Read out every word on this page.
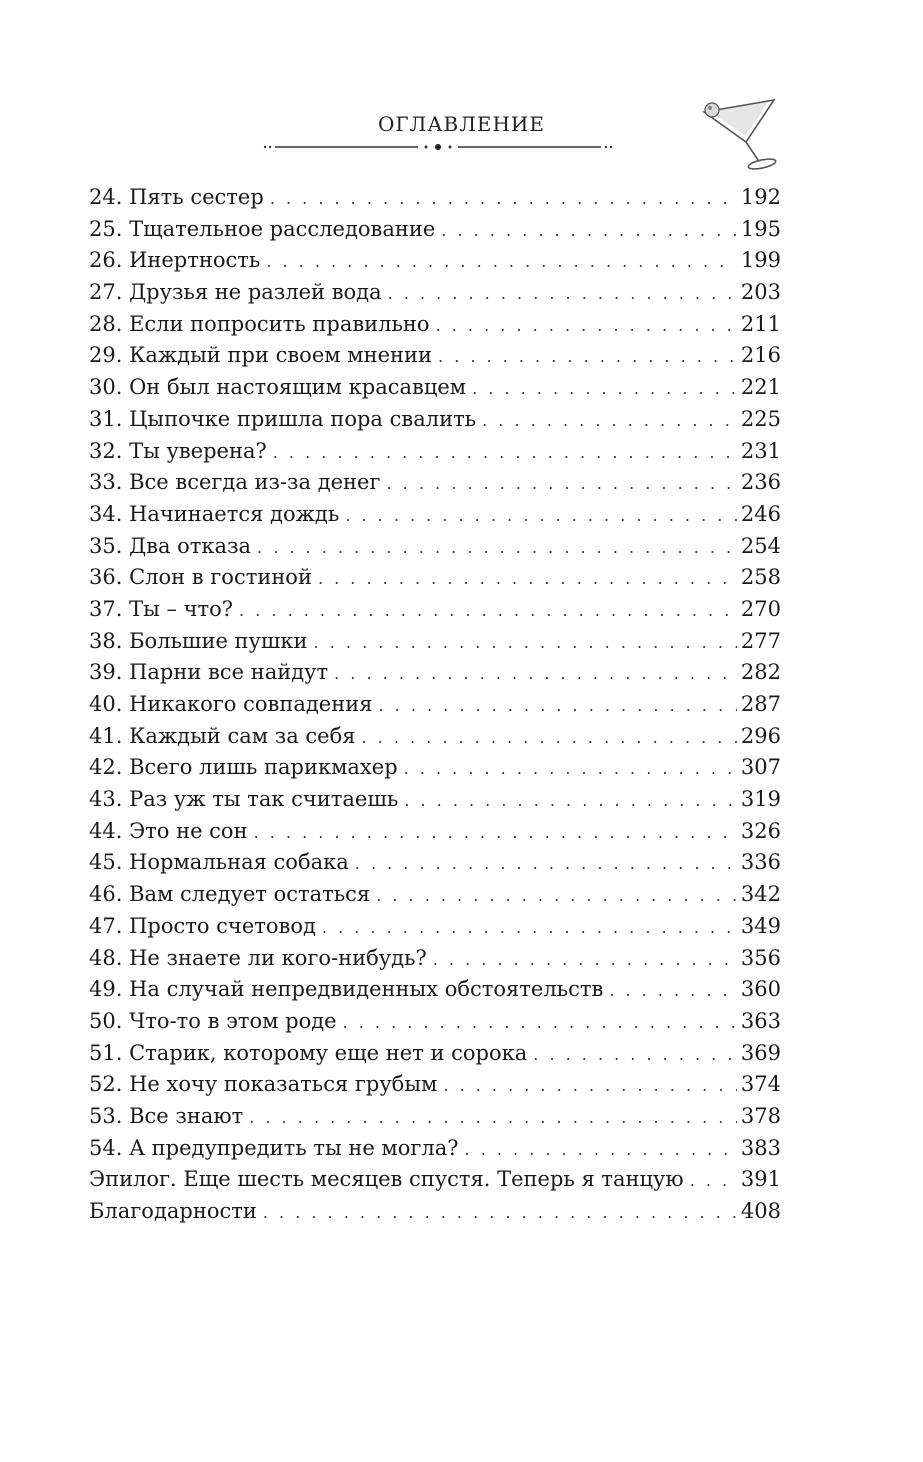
ОГЛАВЛЕНИЕ
24. Пять сестер . . .	192
25. Тщательное расследование . . .	195
26. Инертность . . .	199
27. Друзья не разлей вода . . .	203
28. Если попросить правильно . . .	211
29. Каждый при своем мнении . . .	216
30. Он был настоящим красавцем . . .	221
31. Цыпочке пришла пора свалить . . .	225
32. Ты уверена? . . .	231
33. Все всегда из-за денег . . .	236
34. Начинается дождь . . .	246
35. Два отказа . . .	254
36. Слон в гостиной . . .	258
37. Ты – что? . . .	270
38. Большие пушки . . .	277
39. Парни все найдут . . .	282
40. Никакого совпадения . . .	287
41. Каждый сам за себя . . .	296
42. Всего лишь парикмахер . . .	307
43. Раз уж ты так считаешь . . .	319
44. Это не сон . . .	326
45. Нормальная собака . . .	336
46. Вам следует остаться . . .	342
47. Просто счетовод . . .	349
48. Не знаете ли кого-нибудь? . . .	356
49. На случай непредвиденных обстоятельств . . .	360
50. Что-то в этом роде . . .	363
51. Старик, которому еще нет и сорока . . .	369
52. Не хочу показаться грубым . . .	374
53. Все знают . . .	378
54. А предупредить ты не могла? . . .	383
Эпилог. Еще шесть месяцев спустя. Теперь я танцую . . .	391
Благодарности . . .	408
